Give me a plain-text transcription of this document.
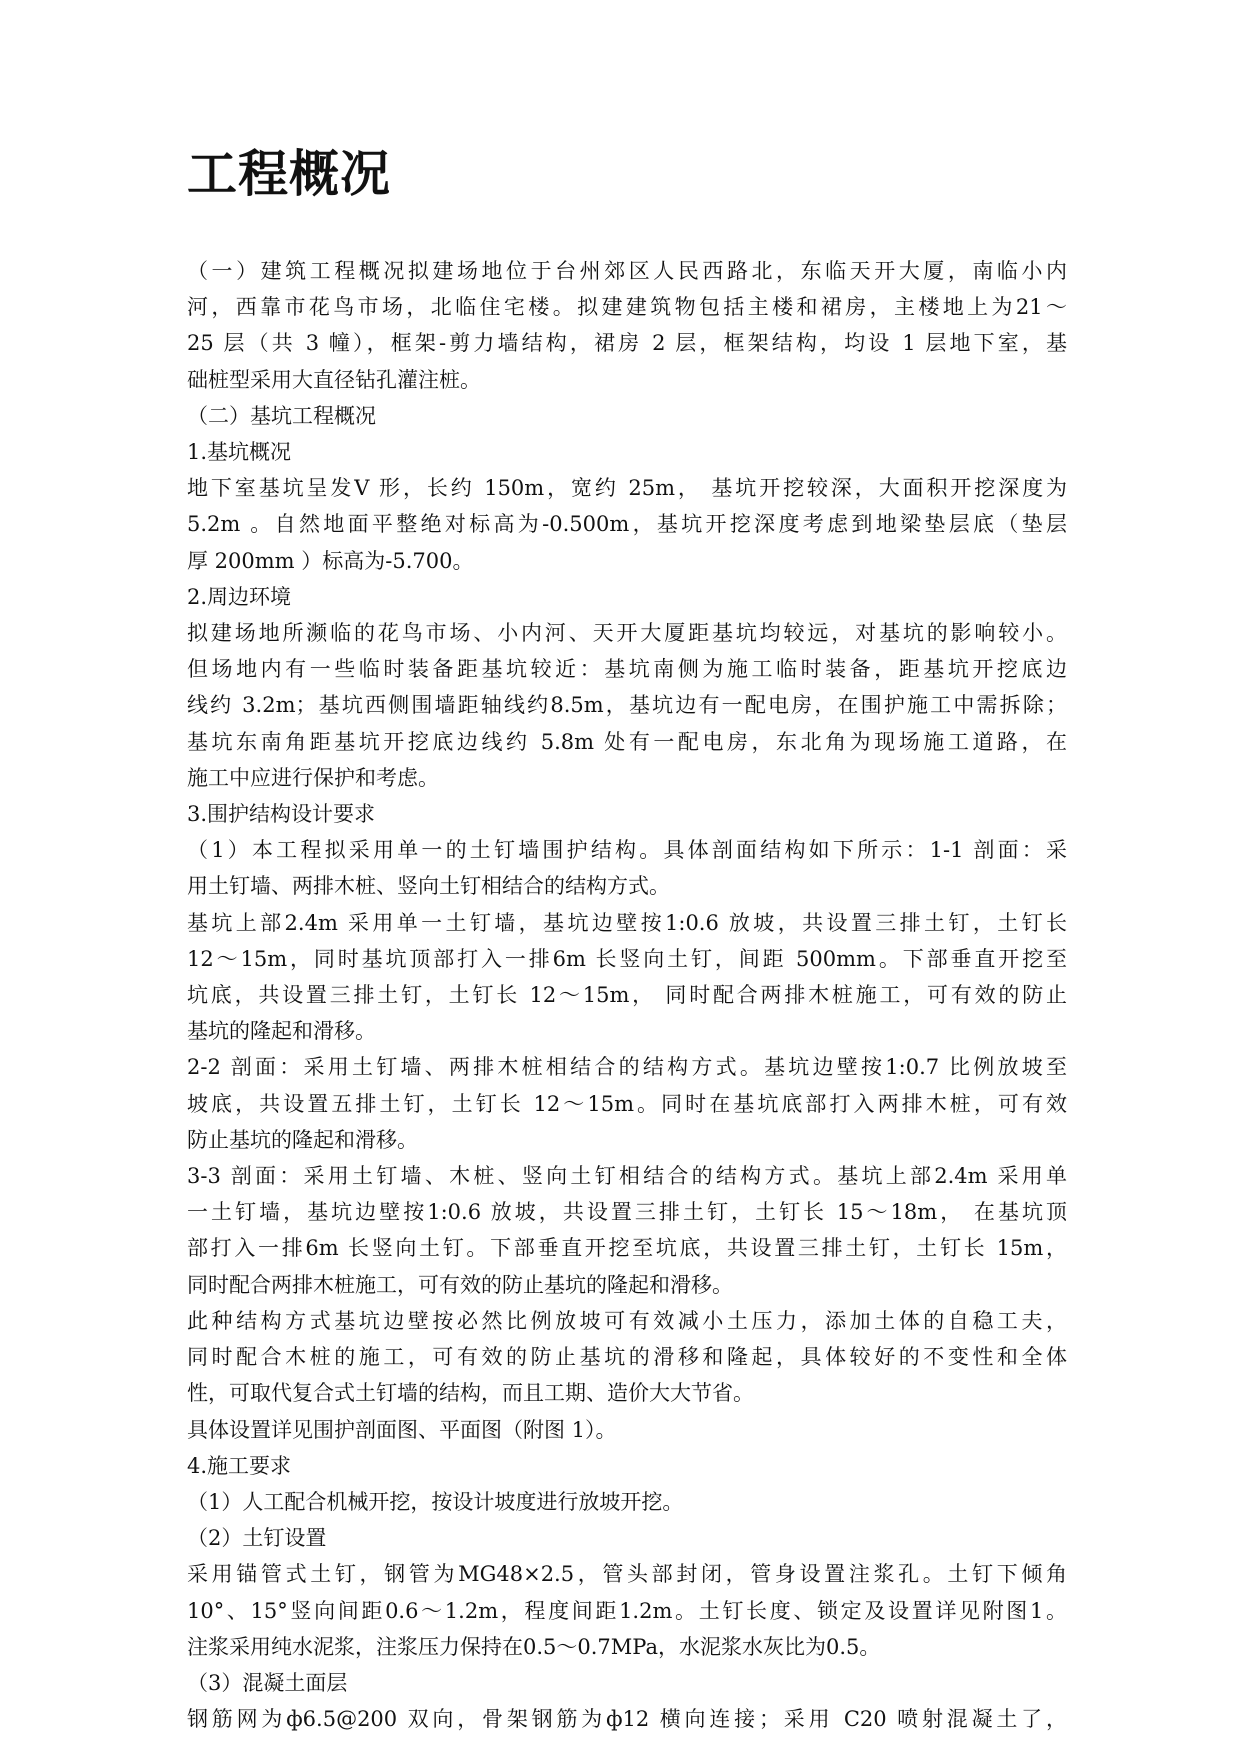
工程概况
（一）建筑工程概况拟建场地位于台州郊区人民西路北，东临天开大厦，南临小内
河，西靠市花鸟市场，北临住宅楼。拟建建筑物包括主楼和裙房，主楼地上为21～
25 层（共 3 幢），框架-剪力墙结构，裙房 2 层，框架结构，均设 1 层地下室，基
础桩型采用大直径钻孔灌注桩。
（二）基坑工程概况
1.基坑概况
地下室基坑呈发V 形，长约 150m，宽约 25m， 基坑开挖较深，大面积开挖深度为
5.2m 。自然地面平整绝对标高为-0.500m，基坑开挖深度考虑到地梁垫层底（垫层
厚 200mm ）标高为-5.700。
2.周边环境
拟建场地所濒临的花鸟市场、小内河、天开大厦距基坑均较远，对基坑的影响较小。
但场地内有一些临时装备距基坑较近：基坑南侧为施工临时装备，距基坑开挖底边
线约 3.2m；基坑西侧围墙距轴线约8.5m，基坑边有一配电房，在围护施工中需拆除；
基坑东南角距基坑开挖底边线约 5.8m 处有一配电房，东北角为现场施工道路，在
施工中应进行保护和考虑。
3.围护结构设计要求
（1）本工程拟采用单一的土钉墙围护结构。具体剖面结构如下所示：1-1 剖面：采
用土钉墙、两排木桩、竖向土钉相结合的结构方式。
基坑上部2.4m 采用单一土钉墙，基坑边壁按1:0.6 放坡，共设置三排土钉，土钉长
12～15m，同时基坑顶部打入一排6m 长竖向土钉，间距 500mm。下部垂直开挖至
坑底，共设置三排土钉，土钉长 12～15m， 同时配合两排木桩施工，可有效的防止
基坑的隆起和滑移。
2-2 剖面：采用土钉墙、两排木桩相结合的结构方式。基坑边壁按1:0.7 比例放坡至
坡底，共设置五排土钉，土钉长 12～15m。同时在基坑底部打入两排木桩，可有效
防止基坑的隆起和滑移。
3-3 剖面：采用土钉墙、木桩、竖向土钉相结合的结构方式。基坑上部2.4m 采用单
一土钉墙，基坑边壁按1:0.6 放坡，共设置三排土钉，土钉长 15～18m， 在基坑顶
部打入一排6m 长竖向土钉。下部垂直开挖至坑底，共设置三排土钉，土钉长 15m，
同时配合两排木桩施工，可有效的防止基坑的隆起和滑移。
此种结构方式基坑边壁按必然比例放坡可有效减小土压力，添加土体的自稳工夫，
同时配合木桩的施工，可有效的防止基坑的滑移和隆起，具体较好的不变性和全体
性，可取代复合式土钉墙的结构，而且工期、造价大大节省。
具体设置详见围护剖面图、平面图（附图 1）。
4.施工要求
（1）人工配合机械开挖，按设计坡度进行放坡开挖。
（2）土钉设置
采用锚管式土钉，钢管为MG48×2.5，管头部封闭，管身设置注浆孔。土钉下倾角
10°、15°竖向间距0.6～1.2m，程度间距1.2m。土钉长度、锁定及设置详见附图1。
注浆采用纯水泥浆，注浆压力保持在0.5～0.7MPa，水泥浆水灰比为0.5。
（3）混凝土面层
钢筋网为ф6.5@200 双向，骨架钢筋为ф12 横向连接；采用 C20 喷射混凝土了，
